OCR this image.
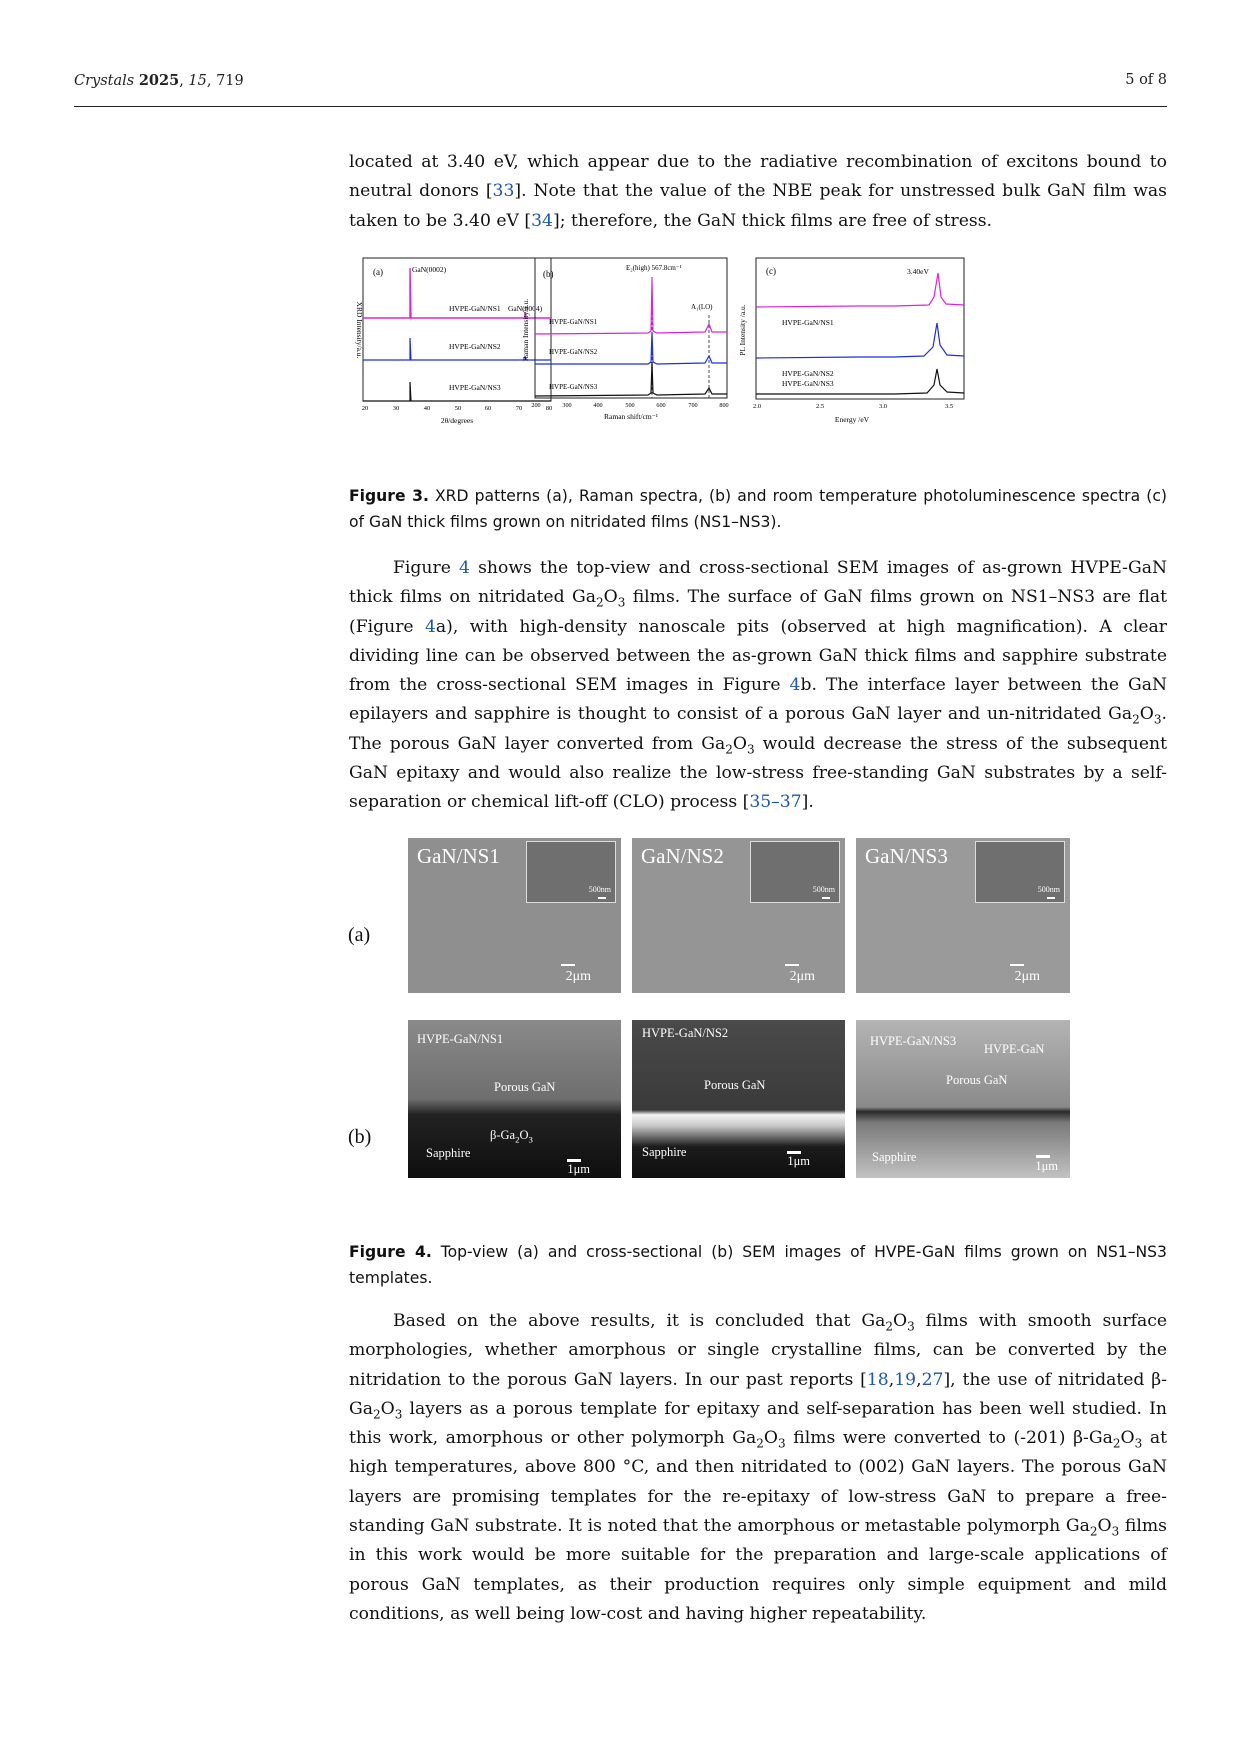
Crystals 2025, 15, 719	5 of 8
located at 3.40 eV, which appear due to the radiative recombination of excitons bound to neutral donors [33]. Note that the value of the NBE peak for unstressed bulk GaN film was taken to be 3.40 eV [34]; therefore, the GaN thick films are free of stress.
(a)	GaN(0002)
GaN(0004)
HVPE-GaN/NS1
HVPE-GaN/NS2
HVPE-GaN/NS3
20	30	40	50	60	70	80
2θ/degrees
XRD Intensity/a.u.
(b)
E₂(high) 567.8cm⁻¹
A₁(LO)
HVPE-GaN/NS1
HVPE-GaN/NS2
HVPE-GaN/NS3
200	300	400	500	600	700	800
Raman shift/cm⁻¹
Raman Intensity/a.u.
(c)	3.40eV
HVPE-GaN/NS1
HVPE-GaN/NS2
HVPE-GaN/NS3
2.0	2.5	3.0	3.5
Energy /eV
PL Intensity /a.u.
Figure 3. XRD patterns (a), Raman spectra, (b) and room temperature photoluminescence spectra (c) of GaN thick films grown on nitridated films (NS1–NS3).

Figure 4 shows the top-view and cross-sectional SEM images of as-grown HVPE-GaN thick films on nitridated $Ga_2O_3$ films. The surface of GaN films grown on NS1–NS3 are flat (Figure 4a), with high-density nanoscale pits (observed at high magnification). A clear dividing line can be observed between the as-grown GaN thick films and sapphire substrate from the cross-sectional SEM images in Figure 4b. The interface layer between the GaN epilayers and sapphire is thought to consist of a porous GaN layer and un-nitridated $Ga_2O_3$. The porous GaN layer converted from $Ga_2O_3$ would decrease the stress of the subsequent GaN epitaxy and would also realize the low-stress free-standing GaN substrates by a self-separation or chemical lift-off (CLO) process [35–37].

(a)
(b)
GaN/NS1
500nm
2μm
GaN/NS2
500nm
2μm
GaN/NS3
500nm
2μm
HVPE-GaN/NS1
Porous GaN
$\beta-Ga_2O_3$
Sapphire
1μm
HVPE-GaN/NS2
Porous GaN
Sapphire
1μm
HVPE-GaN/NS3
HVPE-GaN
Porous GaN
Sapphire
1μm
Figure 4. Top-view (a) and cross-sectional (b) SEM images of HVPE-GaN films grown on NS1–NS3 templates.

Based on the above results, it is concluded that $Ga_2O_3$ films with smooth surface morphologies, whether amorphous or single crystalline films, can be converted by the nitridation to the porous GaN layers. In our past reports [18,19,27], the use of nitridated $\beta-Ga_2O_3$ layers as a porous template for epitaxy and self-separation has been well studied. In this work, amorphous or other polymorph $Ga_2O_3$ films were converted to (-201) $\beta-Ga_2O_3$ at high temperatures, above 800 °C, and then nitridated to (002) GaN layers. The porous GaN layers are promising templates for the re-epitaxy of low-stress GaN to prepare a free-standing GaN substrate. It is noted that the amorphous or metastable polymorph $Ga_2O_3$ films in this work would be more suitable for the preparation and large-scale applications of porous GaN templates, as their production requires only simple equipment and mild conditions, as well being low-cost and having higher repeatability.
